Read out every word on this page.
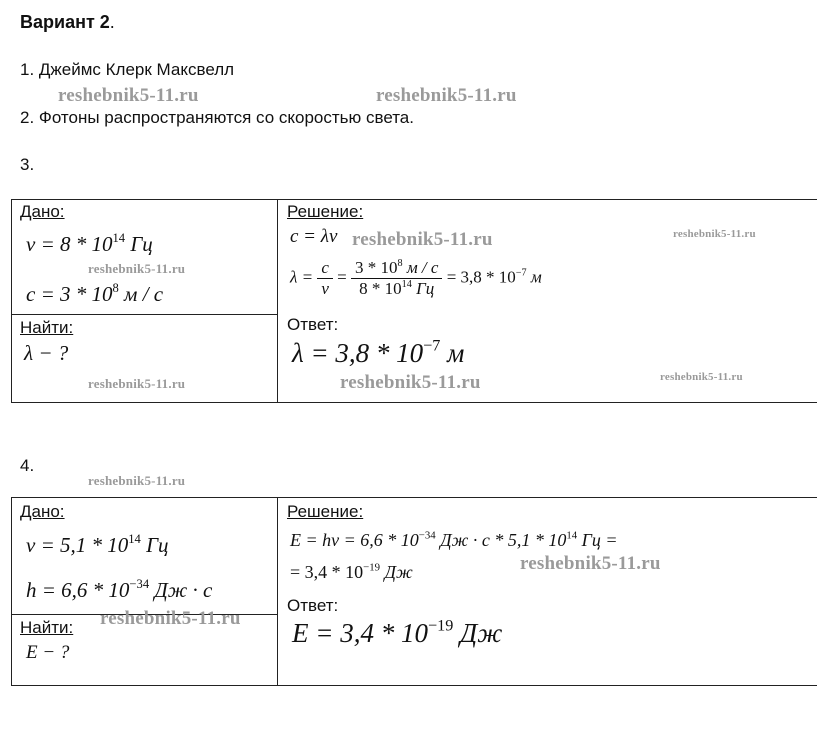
Вариант 2.
1. Джеймс Клерк Максвелл
2. Фотоны распространяются со скоростью света.
3.
4.
Дано:
$\nu = 8 * 10^{14}$ Гц
$c = 3 * 10^8$ м / с
Найти:
λ − ?
Решение:
c = λν
$\lambda = \frac{c}{\nu} = \frac{3 * 10^8 м / с}{8 * 10^{14} Гц} = 3,8 * 10^{-7}$ м
Ответ:
$\lambda = 3,8 * 10^{-7}$ м
Дано:
$\nu = 5,1 * 10^{14}$ Гц
$h = 6,6 * 10^{-34}$ Дж · с
Найти:
E − ?
Решение:
$E = h\nu = 6,6 * 10^{-34}$ Дж · с * $5,1 * 10^{14}$ Гц =
= $3,4 * 10^{-19}$ Дж
Ответ:
$E = 3,4 * 10^{-19}$ Дж
reshebnik5-11.ru	reshebnik5-11.ru
reshebnik5-11.ru	reshebnik5-11.ru
reshebnik5-11.ru
reshebnik5-11.ru	reshebnik5-11.ru
reshebnik5-11.ru
reshebnik5-11.ru
reshebnik5-11.ru
reshebnik5-11.ru
